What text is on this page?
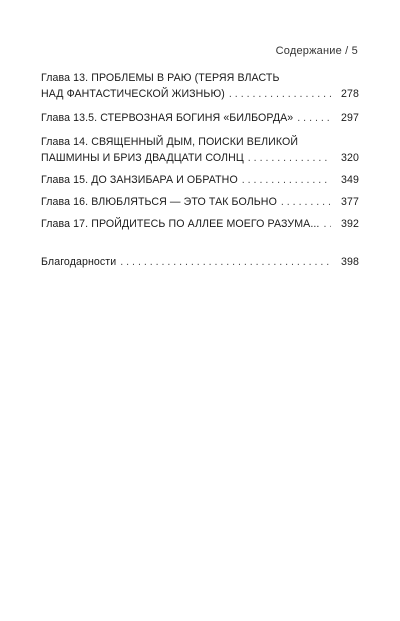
Содержание / 5
Глава 13. ПРОБЛЕМЫ В РАЮ (ТЕРЯЯ ВЛАСТЬ
НАД ФАНТАСТИЧЕСКОЙ ЖИЗНЬЮ) . . .	278
Глава 13.5. СТЕРВОЗНАЯ БОГИНЯ «БИЛБОРДА» . . .	297
Глава 14. СВЯЩЕННЫЙ ДЫМ, ПОИСКИ ВЕЛИКОЙ
ПАШМИНЫ И БРИЗ ДВАДЦАТИ СОЛНЦ . . .	320
Глава 15. ДО ЗАНЗИБАРА И ОБРАТНО . . .	349
Глава 16. ВЛЮБЛЯТЬСЯ — ЭТО ТАК БОЛЬНО . . .	377
Глава 17. ПРОЙДИТЕСЬ ПО АЛЛЕЕ МОЕГО РАЗУМА... . . .	392
Благодарности . . .	398
